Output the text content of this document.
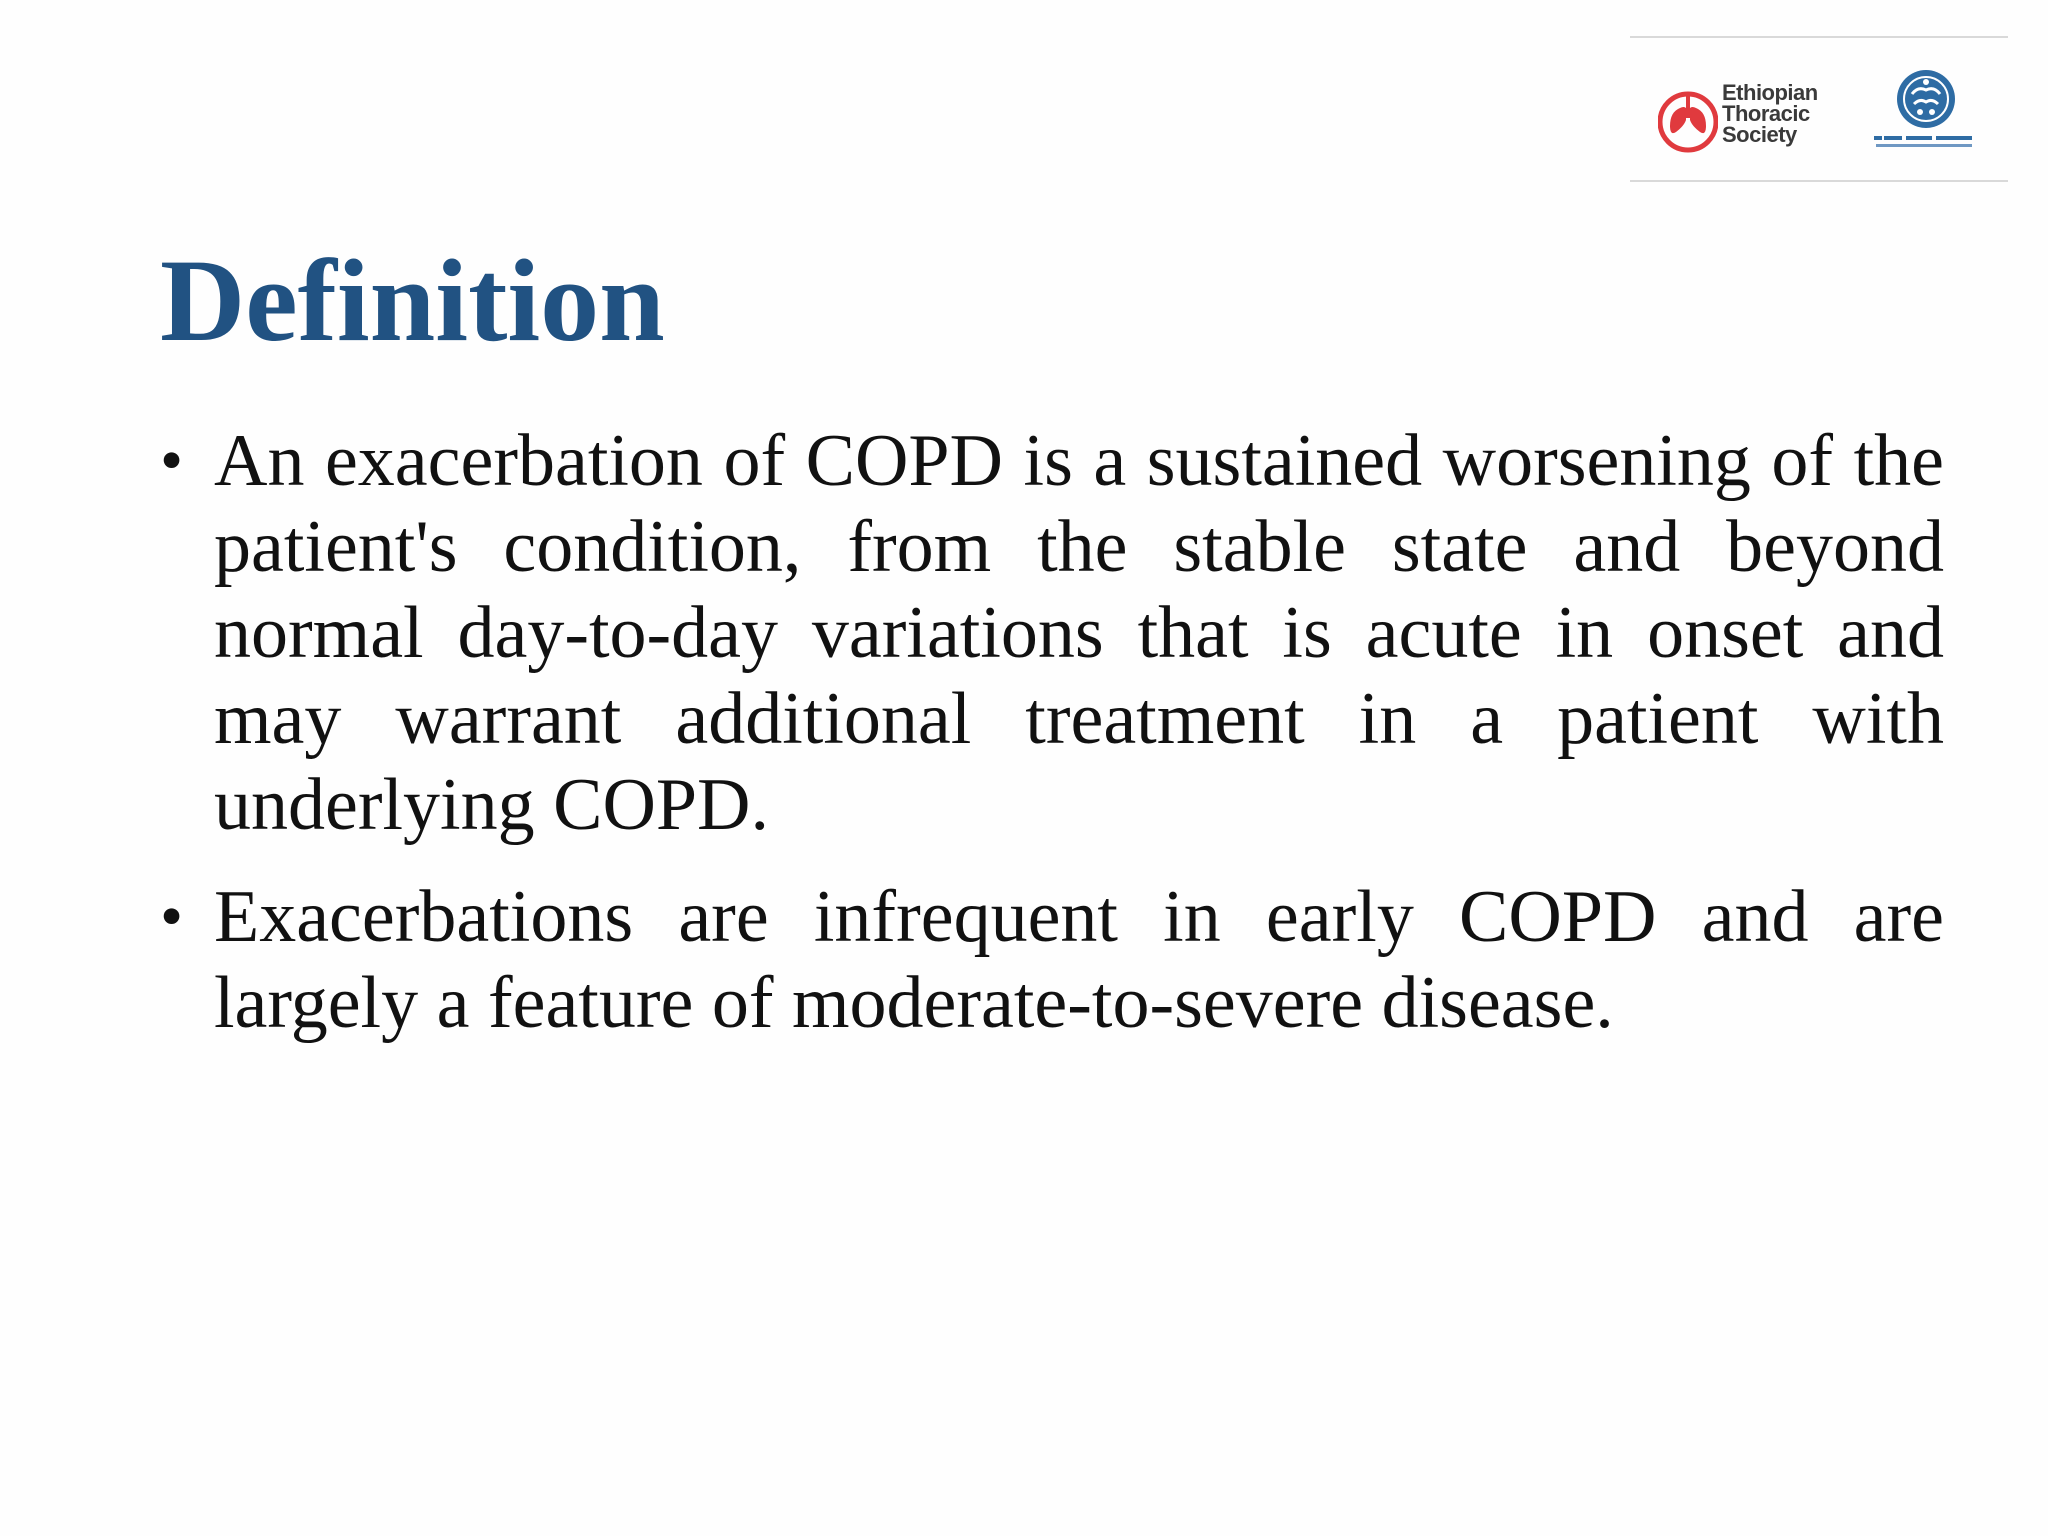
Ethiopian
Thoracic
Society
Definition
• An exacerbation of COPD is a sustained worsening of the patient's condition, from the stable state and beyond normal day-to-day variations that is acute in onset and may warrant additional treatment in a patient with underlying COPD.
• Exacerbations are infrequent in early COPD and are largely a feature of moderate-to-severe disease.
